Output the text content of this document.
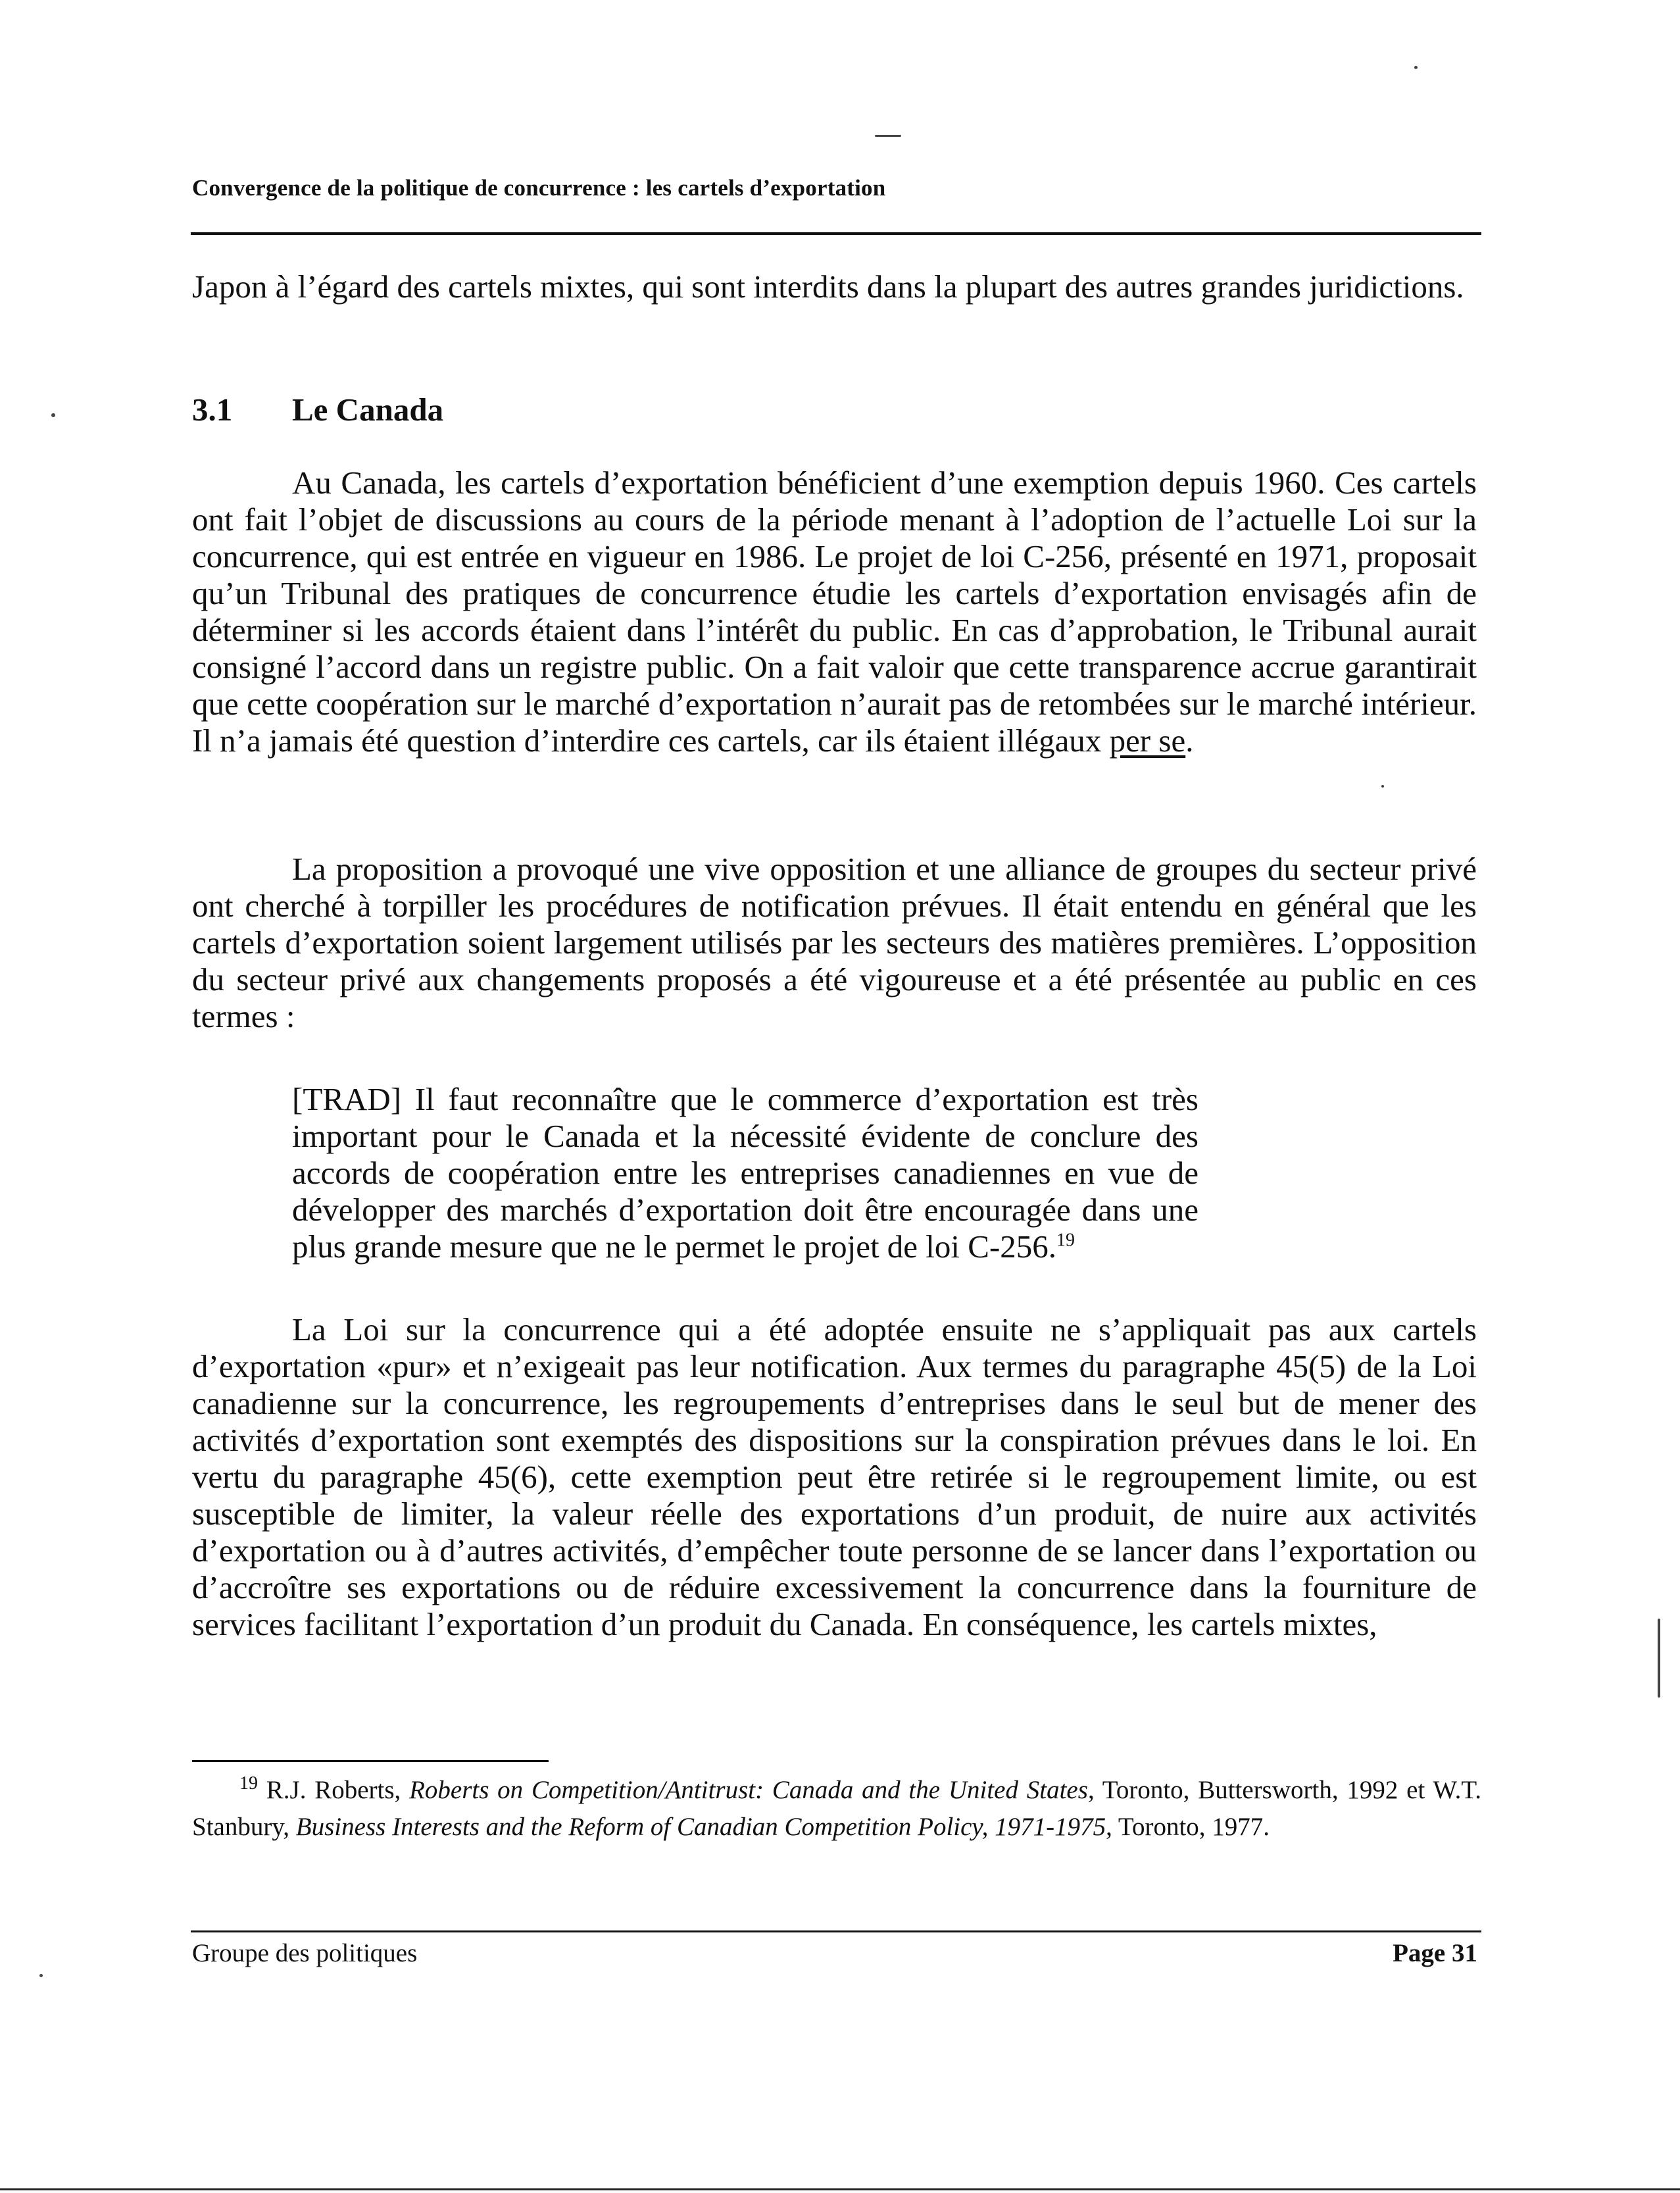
Convergence de la politique de concurrence : les cartels d’exportation

Japon à l’égard des cartels mixtes, qui sont interdits dans la plupart des autres grandes juridictions.

3.1 Le Canada

Au Canada, les cartels d’exportation bénéficient d’une exemption depuis 1960. Ces cartels ont fait l’objet de discussions au cours de la période menant à l’adoption de l’actuelle Loi sur la concurrence, qui est entrée en vigueur en 1986. Le projet de loi C-256, présenté en 1971, proposait qu’un Tribunal des pratiques de concurrence étudie les cartels d’exportation envisagés afin de déterminer si les accords étaient dans l’intérêt du public. En cas d’approbation, le Tribunal aurait consigné l’accord dans un registre public. On a fait valoir que cette transparence accrue garantirait que cette coopération sur le marché d’exportation n’aurait pas de retombées sur le marché intérieur. Il n’a jamais été question d’interdire ces cartels, car ils étaient illégaux per se.

La proposition a provoqué une vive opposition et une alliance de groupes du secteur privé ont cherché à torpiller les procédures de notification prévues. Il était entendu en général que les cartels d’exportation soient largement utilisés par les secteurs des matières premières. L’opposition du secteur privé aux changements proposés a été vigoureuse et a été présentée au public en ces termes :

[TRAD] Il faut reconnaître que le commerce d’exportation est très important pour le Canada et la nécessité évidente de conclure des accords de coopération entre les entreprises canadiennes en vue de développer des marchés d’exportation doit être encouragée dans une plus grande mesure que ne le permet le projet de loi C-256.19

La Loi sur la concurrence qui a été adoptée ensuite ne s’appliquait pas aux cartels d’exportation «pur» et n’exigeait pas leur notification. Aux termes du paragraphe 45(5) de la Loi canadienne sur la concurrence, les regroupements d’entreprises dans le seul but de mener des activités d’exportation sont exemptés des dispositions sur la conspiration prévues dans le loi. En vertu du paragraphe 45(6), cette exemption peut être retirée si le regroupement limite, ou est susceptible de limiter, la valeur réelle des exportations d’un produit, de nuire aux activités d’exportation ou à d’autres activités, d’empêcher toute personne de se lancer dans l’exportation ou d’accroître ses exportations ou de réduire excessivement la concurrence dans la fourniture de services facilitant l’exportation d’un produit du Canada. En conséquence, les cartels mixtes,

$^{19}$ R.J. Roberts, Roberts on Competition/Antitrust: Canada and the United States, Toronto, Buttersworth, 1992 et W.T. Stanbury, Business Interests and the Reform of Canadian Competition Policy, 1971-1975, Toronto, 1977.

Groupe des politiques	Page 31
